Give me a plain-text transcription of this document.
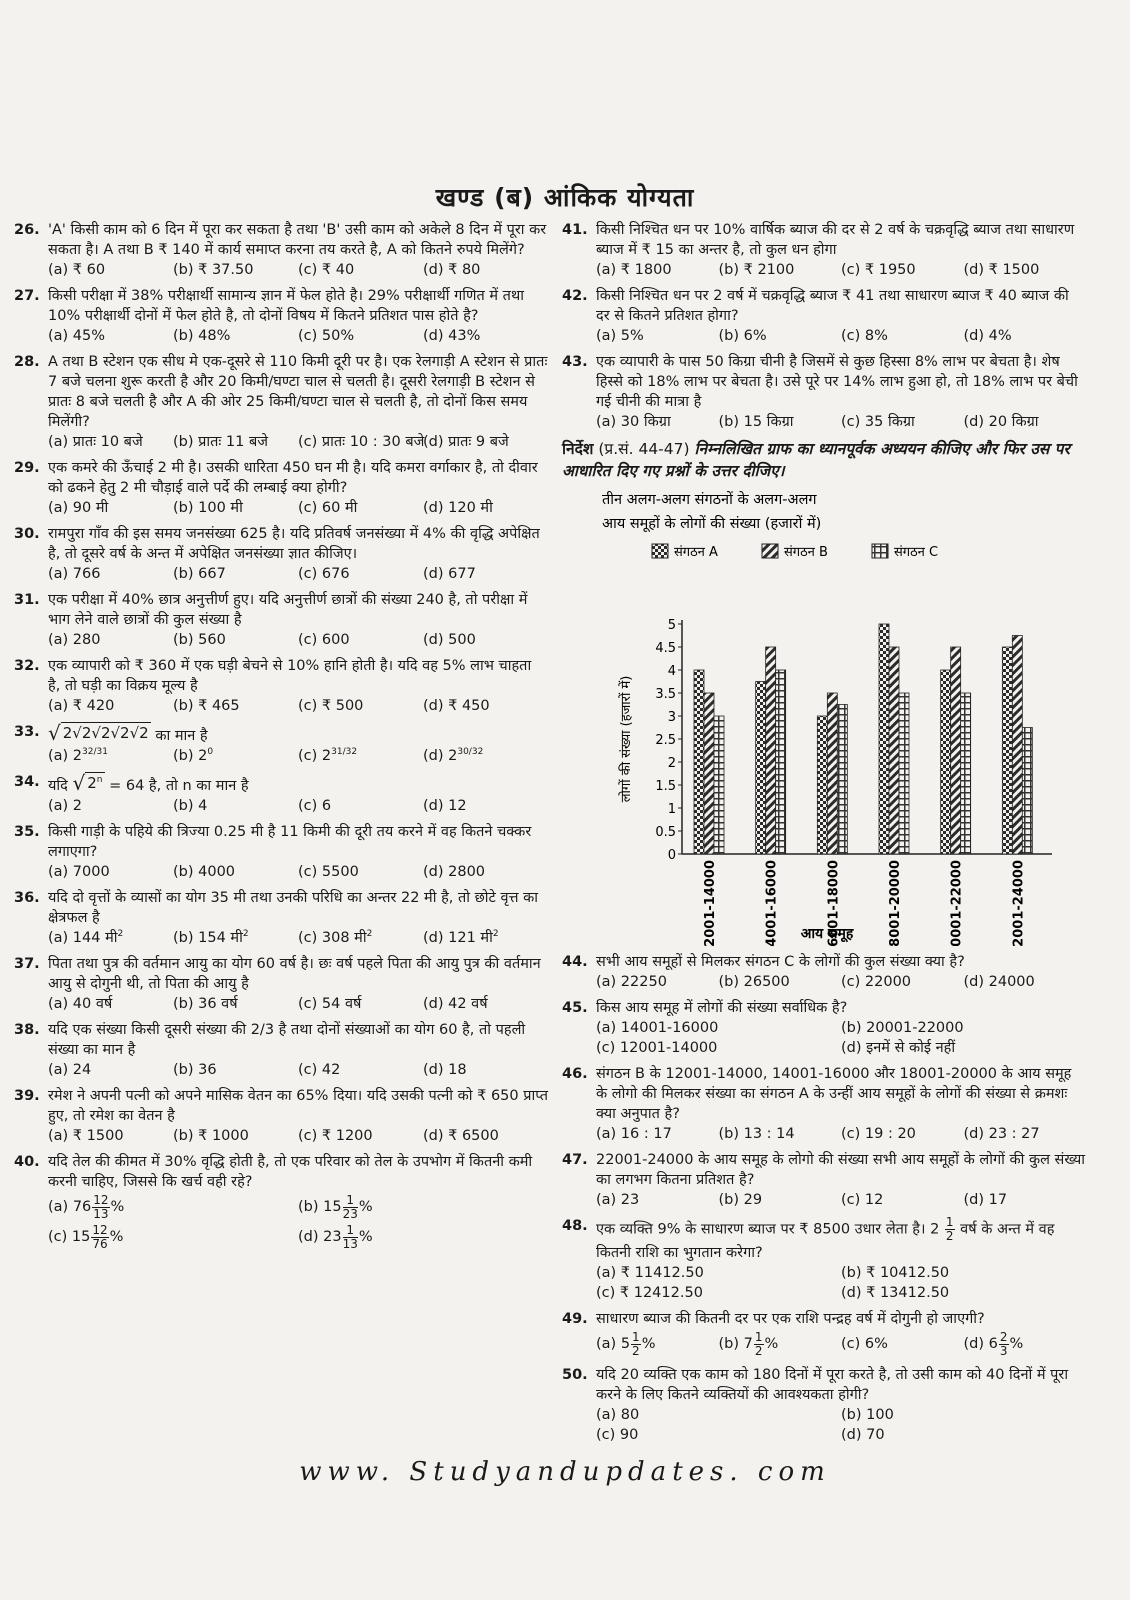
खण्ड (ब) आंकिक योग्यता
26. 'A' किसी काम को 6 दिन में पूरा कर सकता है तथा 'B' उसी काम को अकेले 8 दिन में पूरा कर सकता है। A तथा B ₹ 140 में कार्य समाप्त करना तय करते है, A को कितने रुपये मिलेंगे?
(a) ₹ 60	(b) ₹ 37.50	(c) ₹ 40	(d) ₹ 80
27. किसी परीक्षा में 38% परीक्षार्थी सामान्य ज्ञान में फेल होते है। 29% परीक्षार्थी गणित में तथा 10% परीक्षार्थी दोनों में फेल होते है, तो दोनों विषय में कितने प्रतिशत पास होते है?
(a) 45%	(b) 48%	(c) 50%	(d) 43%
28. A तथा B स्टेशन एक सीध मे एक-दूसरे से 110 किमी दूरी पर है। एक रेलगाड़ी A स्टेशन से प्रातः 7 बजे चलना शुरू करती है और 20 किमी/घण्टा चाल से चलती है। दूसरी रेलगाड़ी B स्टेशन से प्रातः 8 बजे चलती है और A की ओर 25 किमी/घण्टा चाल से चलती है, तो दोनों किस समय मिलेंगी?
(a) प्रातः 10 बजे	(b) प्रातः 11 बजे	(c) प्रातः 10 : 30 बजे
(d) प्रातः 9 बजे
29. एक कमरे की ऊँचाई 2 मी है। उसकी धारिता 450 घन मी है। यदि कमरा वर्गाकार है, तो दीवार को ढकने हेतु 2 मी चौड़ाई वाले पर्दे की लम्बाई क्या होगी?
(a) 90 मी	(b) 100 मी	(c) 60 मी	(d) 120 मी
30. रामपुरा गाँव की इस समय जनसंख्या 625 है। यदि प्रतिवर्ष जनसंख्या में 4% की वृद्धि अपेक्षित है, तो दूसरे वर्ष के अन्त में अपेक्षित जनसंख्या ज्ञात कीजिए।
(a) 766	(b) 667	(c) 676	(d) 677
31. एक परीक्षा में 40% छात्र अनुत्तीर्ण हुए। यदि अनुत्तीर्ण छात्रों की संख्या 240 है, तो परीक्षा में भाग लेने वाले छात्रों की कुल संख्या है
(a) 280	(b) 560	(c) 600	(d) 500
32. एक व्यापारी को ₹ 360 में एक घड़ी बेचने से 10% हानि होती है। यदि वह 5% लाभ चाहता है, तो घड़ी का विक्रय मूल्य है
(a) ₹ 420	(b) ₹ 465	(c) ₹ 500	(d) ₹ 450
33. √ 2√2√2√2√2 का मान है
(a) $2^{32/31}$	(b) $2^0$	(c) $2^{31/32}$	(d) $2^{30/32}$
34. यदि √ $2^n = 64$ है, तो n का मान है
(a) 2	(b) 4	(c) 6	(d) 12
35. किसी गाड़ी के पहिये की त्रिज्या 0.25 मी है 11 किमी की दूरी तय करने में वह कितने चक्कर लगाएगा?
(a) 7000	(b) 4000	(c) 5500	(d) 2800
36. यदि दो वृत्तों के व्यासों का योग 35 मी तथा उनकी परिधि का अन्तर 22 मी है, तो छोटे वृत्त का क्षेत्रफल है
(a) 144 मी$^2$	(b) 154 मी$^2$	(c) 308 मी$^2$	(d) 121 मी$^2$
37. पिता तथा पुत्र की वर्तमान आयु का योग 60 वर्ष है। छः वर्ष पहले पिता की आयु पुत्र की वर्तमान आयु से दोगुनी थी, तो पिता की आयु है
(a) 40 वर्ष	(b) 36 वर्ष	(c) 54 वर्ष	(d) 42 वर्ष
38. यदि एक संख्या किसी दूसरी संख्या की 2/3 है तथा दोनों संख्याओं का योग 60 है, तो पहली संख्या का मान है
(a) 24	(b) 36	(c) 42	(d) 18
39. रमेश ने अपनी पत्नी को अपने मासिक वेतन का 65% दिया। यदि उसकी पत्नी को ₹ 650 प्राप्त हुए, तो रमेश का वेतन है
(a) ₹ 1500	(b) ₹ 1000	(c) ₹ 1200	(d) ₹ 6500
40. यदि तेल की कीमत में 30% वृद्धि होती है, तो एक परिवार को तेल के उपभोग में कितनी कमी करनी चाहिए, जिससे कि खर्च वही रहे?
(a) $76 \frac{12}{13}$ %	(b) $15 \frac{1}{23}$ %
(c) $15 \frac{12}{76}$ %	(d) $23 \frac{1}{13}$ %
41. किसी निश्चित धन पर 10% वार्षिक ब्याज की दर से 2 वर्ष के चक्रवृद्धि ब्याज तथा साधारण ब्याज में ₹ 15 का अन्तर है, तो कुल धन होगा
(a) ₹ 1800	(b) ₹ 2100	(c) ₹ 1950	(d) ₹ 1500
42. किसी निश्चित धन पर 2 वर्ष में चक्रवृद्धि ब्याज ₹ 41 तथा साधारण ब्याज ₹ 40 ब्याज की दर से कितने प्रतिशत होगा?
(a) 5%	(b) 6%	(c) 8%	(d) 4%
43. एक व्यापारी के पास 50 किग्रा चीनी है जिसमें से कुछ हिस्सा 8% लाभ पर बेचता है। शेष हिस्से को 18% लाभ पर बेचता है। उसे पूरे पर 14% लाभ हुआ हो, तो 18% लाभ पर बेची गई चीनी की मात्रा है
(a) 30 किग्रा	(b) 15 किग्रा	(c) 35 किग्रा	(d) 20 किग्रा
निर्देश (प्र.सं. 44-47) निम्नलिखित ग्राफ का ध्यानपूर्वक अध्ययन कीजिए और फिर उस पर आधारित दिए गए प्रश्नों के उत्तर दीजिए।
तीन अलग-अलग संगठनों के अलग-अलग
आय समूहों के लोगों की संख्या (हजारों में)
संगठन A	संगठन B	संगठन C
0
0.5
1
1.5
2
2.5
3
3.5
4
4.5
5
लोगों की संख्या (हजारों में)
12001-14000	14001-16000	16001-18000	18001-20000	20001-22000	22001-24000
आय समूह
44. सभी आय समूहों से मिलकर संगठन C के लोगों की कुल संख्या क्या है?
(a) 22250	(b) 26500	(c) 22000	(d) 24000
45. किस आय समूह में लोगों की संख्या सर्वाधिक है?
(a) 14001-16000	(b) 20001-22000
(c) 12001-14000	(d) इनमें से कोई नहीं
46. संगठन B के 12001-14000, 14001-16000 और 18001-20000 के आय समूह के लोगो की मिलकर संख्या का संगठन A के उन्हीं आय समूहों के लोगों की संख्या से क्रमशः क्या अनुपात है?
(a) 16 : 17	(b) 13 : 14	(c) 19 : 20	(d) 23 : 27
47. 22001-24000 के आय समूह के लोगो की संख्या सभी आय समूहों के लोगों की कुल संख्या का लगभग कितना प्रतिशत है?
(a) 23	(b) 29	(c) 12	(d) 17
48. एक व्यक्ति 9% के साधारण ब्याज पर ₹ 8500 उधार लेता है। $2 \frac{1}{2}$ वर्ष के अन्त में वह कितनी राशि का भुगतान करेगा?
(a) ₹ 11412.50	(b) ₹ 10412.50
(c) ₹ 12412.50	(d) ₹ 13412.50
49. साधारण ब्याज की कितनी दर पर एक राशि पन्द्रह वर्ष में दोगुनी हो जाएगी?
(a) $5 \frac{1}{2}$ %	(b) $7 \frac{1}{2}$ %	(c) 6%	(d) $6 \frac{2}{3}$ %
50. यदि 20 व्यक्ति एक काम को 180 दिनों में पूरा करते है, तो उसी काम को 40 दिनों में पूरा करने के लिए कितने व्यक्तियों की आवश्यकता होगी?
(a) 80	(b) 100
(c) 90	(d) 70
www. Studyandupdates. com
